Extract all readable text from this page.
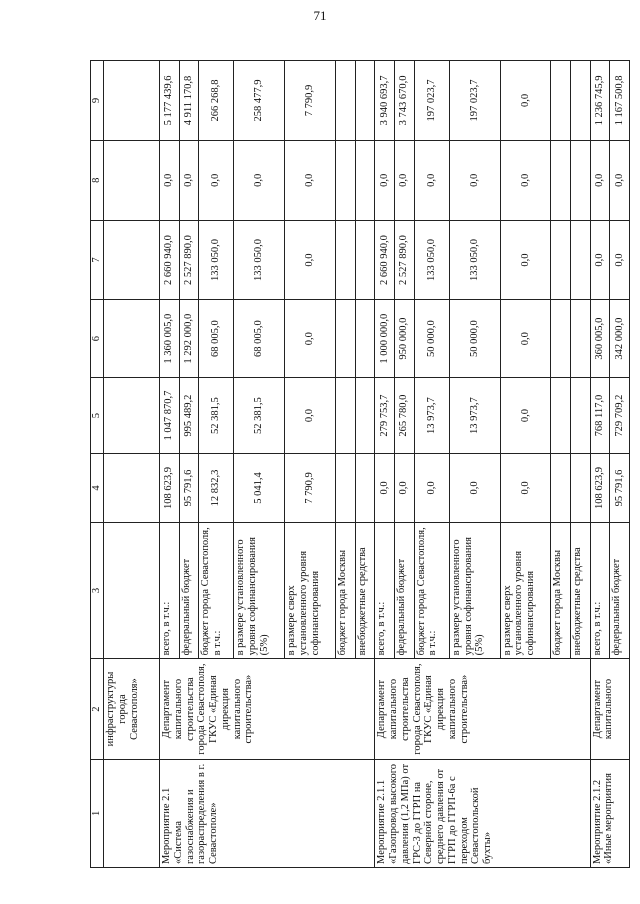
71
1	2	3	4	5	6	7	8	9
	инфраструктуры города Севастополя»							
Мероприятие 2.1 «Система газоснабжения и газораспределения в г. Севастополе»	Департамент капитального строительства города Севастополя, ГКУС «Единая дирекция капитального строительства»	всего, в т.ч.:	108 623,9	1 047 870,7	1 360 005,0	2 660 940,0	0,0	5 177 439,6
		федеральный бюджет	95 791,6	995 489,2	1 292 000,0	2 527 890,0	0,0	4 911 170,8
		бюджет города Севастополя, в т.ч.:	12 832,3	52 381,5	68 005,0	133 050,0	0,0	266 268,8
		в размере установленного уровня софинансирования (5%)	5 041,4	52 381,5	68 005,0	133 050,0	0,0	258 477,9
		в размере сверх установленного уровня софинансирования	7 790,9	0,0	0,0	0,0	0,0	7 790,9
		бюджет города Москвы						
		внебюджетные средства						
Мероприятие 2.1.1 «Газопровод высокого давления (1,2 МПа) от ГРС-3 до ГГРП на Северной стороне, среднего давления от ГГРП до ГГРП-6а с переходом Севастопольской бухты»	Департамент капитального строительства города Севастополя, ГКУС «Единая дирекция капитального строительства»	всего, в т.ч.:	0,0	279 753,7	1 000 000,0	2 660 940,0	0,0	3 940 693,7
		федеральный бюджет	0,0	265 780,0	950 000,0	2 527 890,0	0,0	3 743 670,0
		бюджет города Севастополя, в т.ч.:	0,0	13 973,7	50 000,0	133 050,0	0,0	197 023,7
		в размере установленного уровня софинансирования (5%)	0,0	13 973,7	50 000,0	133 050,0	0,0	197 023,7
		в размере сверх установленного уровня софинансирования	0,0	0,0	0,0	0,0	0,0	0,0
		бюджет города Москвы						
		внебюджетные средства						
Мероприятие 2.1.2 «Иные мероприятия	Департамент капитального	всего, в т.ч.:	108 623,9	768 117,0	360 005,0	0,0	0,0	1 236 745,9
		федеральный бюджет	95 791,6	729 709,2	342 000,0	0,0	0,0	1 167 500,8
